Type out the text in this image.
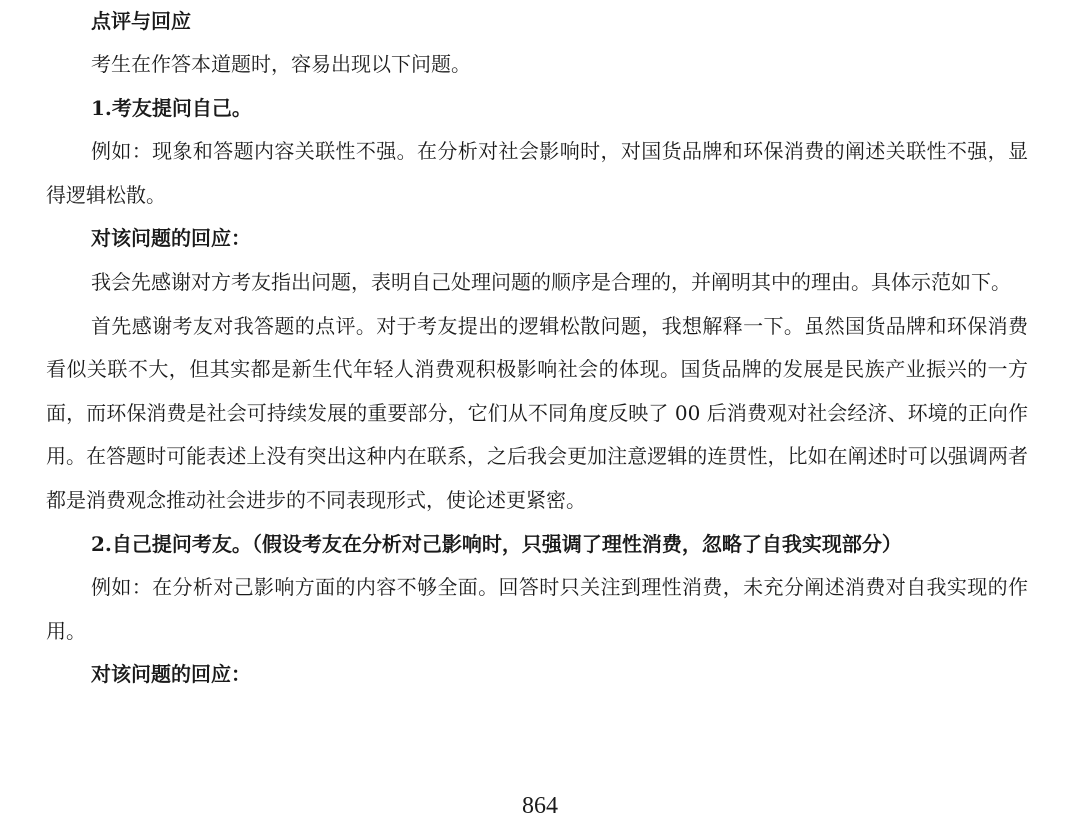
点评与回应

考生在作答本道题时，容易出现以下问题。

1.考友提问自己。

例如：现象和答题内容关联性不强。在分析对社会影响时，对国货品牌和环保消费的阐述关联性不强，显得逻辑松散。

对该问题的回应：

我会先感谢对方考友指出问题，表明自己处理问题的顺序是合理的，并阐明其中的理由。具体示范如下。

首先感谢考友对我答题的点评。对于考友提出的逻辑松散问题，我想解释一下。虽然国货品牌和环保消费看似关联不大，但其实都是新生代年轻人消费观积极影响社会的体现。国货品牌的发展是民族产业振兴的一方面，而环保消费是社会可持续发展的重要部分，它们从不同角度反映了 00 后消费观对社会经济、环境的正向作用。在答题时可能表述上没有突出这种内在联系，之后我会更加注意逻辑的连贯性，比如在阐述时可以强调两者都是消费观念推动社会进步的不同表现形式，使论述更紧密。

2.自己提问考友。（假设考友在分析对己影响时，只强调了理性消费，忽略了自我实现部分）

例如：在分析对己影响方面的内容不够全面。回答时只关注到理性消费，未充分阐述消费对自我实现的作用。

对该问题的回应：

864
